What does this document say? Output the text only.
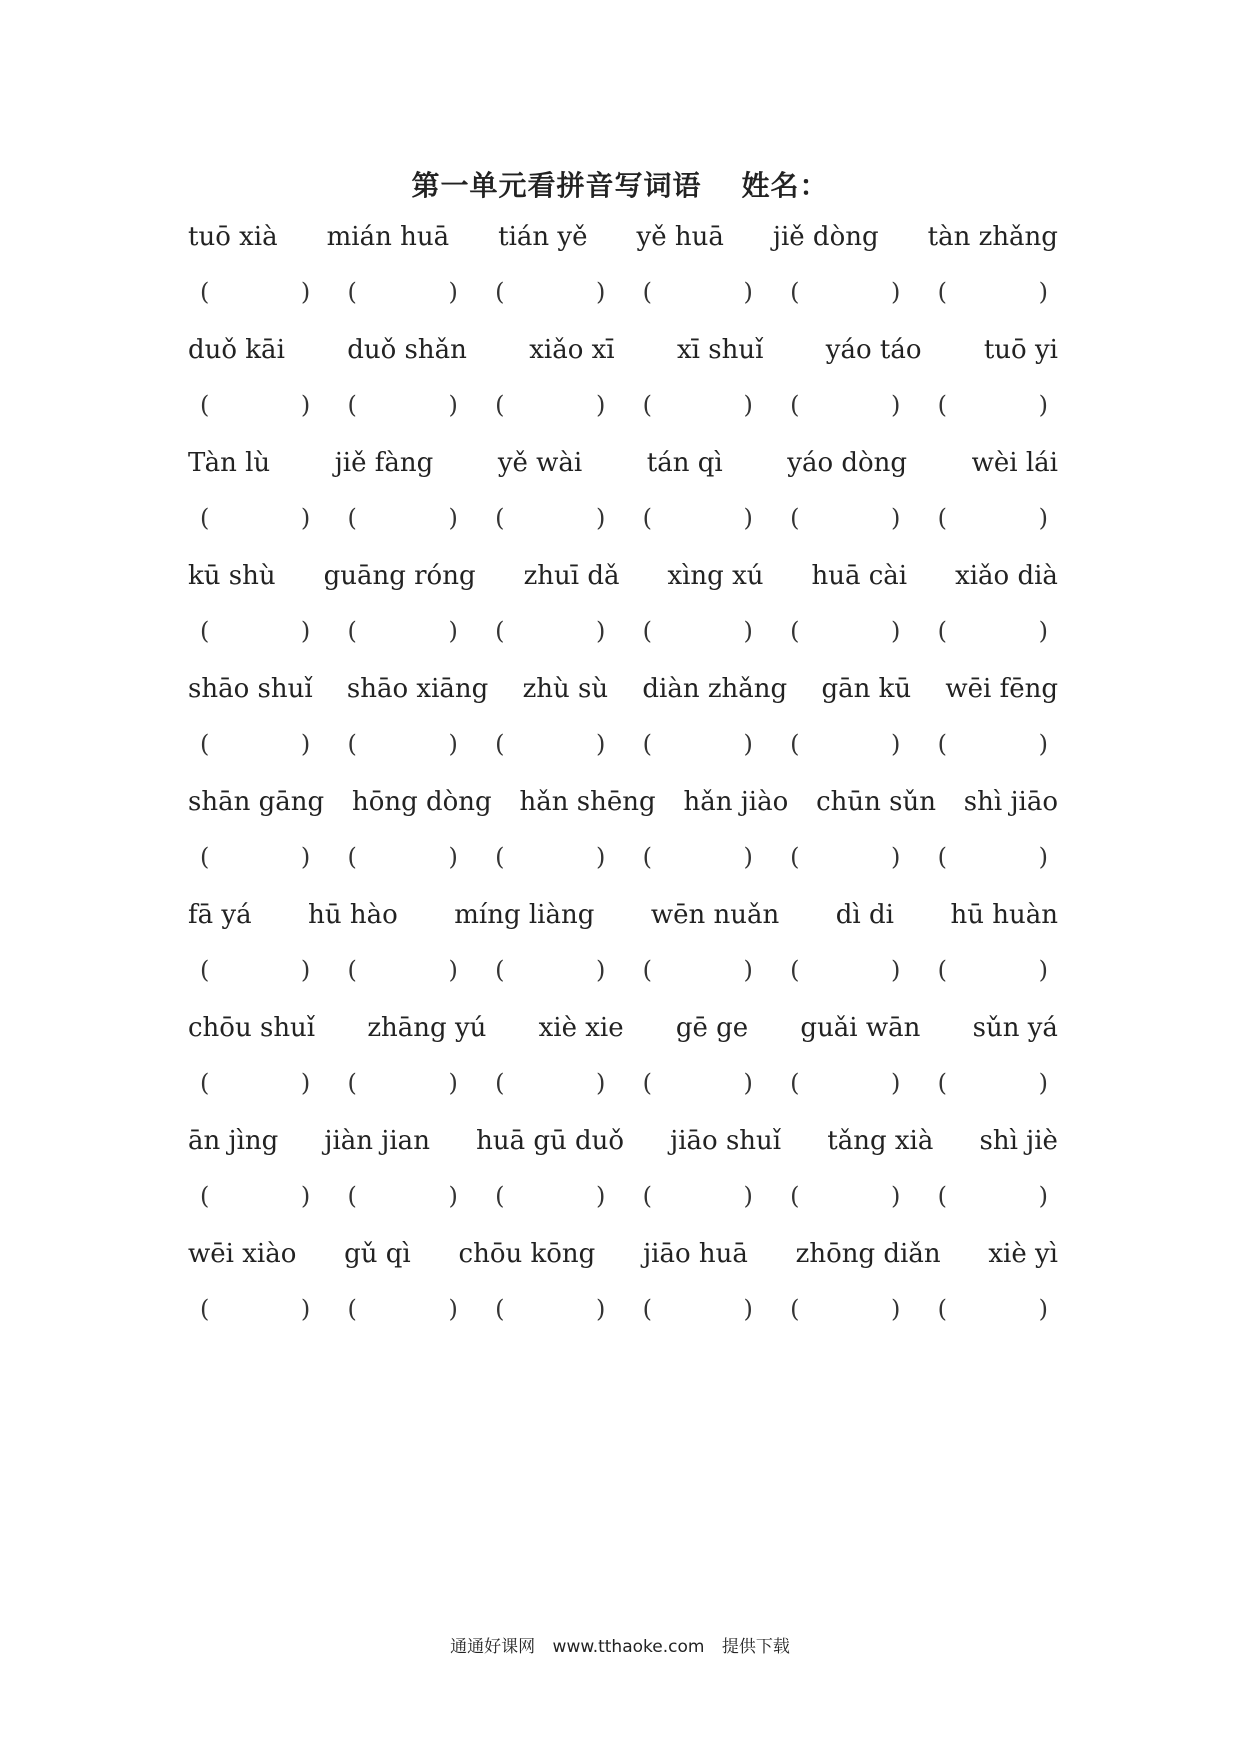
第一单元看拼音写词语 姓名：
tuō xià mián huā tián yě yě huā jiě dòng tàn zhǎng
(            ) (            ) (            ) (            ) (            ) (            )
duǒ kāi duǒ shǎn xiǎo xī xī shuǐ yáo táo tuō yi
(            ) (            ) (            ) (            ) (            ) (            )
Tàn lù jiě fàng yě wài tán qì yáo dòng wèi lái
(            ) (            ) (            ) (            ) (            ) (            )
kū shù guāng róng zhuī dǎ xìng xú huā cài xiǎo dià
(            ) (            ) (            ) (            ) (            ) (            )
shāo shuǐ shāo xiāng zhù sù diàn zhǎng gān kū wēi fēng
(            ) (            ) (            ) (            ) (            ) (            )
shān gāng hōng dòng hǎn shēng hǎn jiào chūn sǔn shì jiāo
(            ) (            ) (            ) (            ) (            ) (            )
fā yá hū hào míng liàng wēn nuǎn dì di hū huàn
(            ) (            ) (            ) (            ) (            ) (            )
chōu shuǐ zhāng yú xiè xie gē ge guǎi wān sǔn yá
(            ) (            ) (            ) (            ) (            ) (            )
ān jìng jiàn jian huā gū duǒ jiāo shuǐ tǎng xià shì jiè
(            ) (            ) (            ) (            ) (            ) (            )
wēi xiào gǔ qì chōu kōng jiāo huā zhōng diǎn xiè yì
(            ) (            ) (            ) (            ) (            ) (            )
通通好课网 www.tthaoke.com 提供下载
